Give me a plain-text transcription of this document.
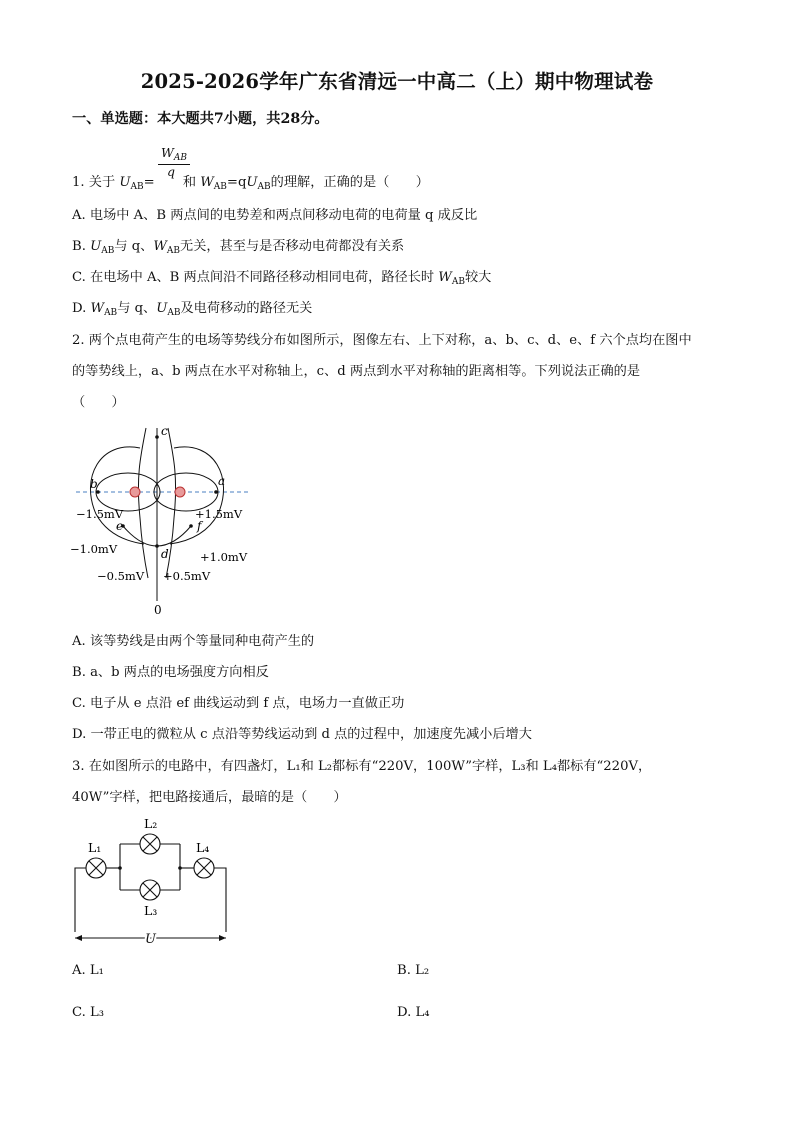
2025-2026学年广东省清远一中高二（上）期中物理试卷
一、单选题：本大题共7小题，共28分。
$W_{AB}$
q
1. 关于 $U_{AB}=$ 和 $W_{AB}=qU_{AB}$的理解，正确的是（　　）
A. 电场中 A、B 两点间的电势差和两点间移动电荷的电荷量 q 成反比
B. $U_{AB}$与 q、$W_{AB}$无关，甚至与是否移动电荷都没有关系
C. 在电场中 A、B 两点间沿不同路径移动相同电荷，路径长时 $W_{AB}$较大
D. $W_{AB}$与 q、$U_{AB}$及电荷移动的路径无关
2. 两个点电荷产生的电场等势线分布如图所示，图像左右、上下对称，a、b、c、d、e、f 六个点均在图中
的等势线上，a、b 两点在水平对称轴上，c、d 两点到水平对称轴的距离相等。下列说法正确的是
（　　）
c
b	a
e	f
d
0
−1.5mV	+1.5mV
−1.0mV
+1.0mV
−0.5mV +0.5mV
A. 该等势线是由两个等量同种电荷产生的
B. a、b 两点的电场强度方向相反
C. 电子从 e 点沿 ef 曲线运动到 f 点，电场力一直做正功
D. 一带正电的微粒从 c 点沿等势线运动到 d 点的过程中，加速度先减小后增大
3. 在如图所示的电路中，有四盏灯，L₁和 L₂都标有“220V，100W”字样，L₃和 L₄都标有“220V，
40W”字样，把电路接通后，最暗的是（　　）
L₁
L₂
L₃
L₄
U
A. L₁	B. L₂
C. L₃	D. L₄
